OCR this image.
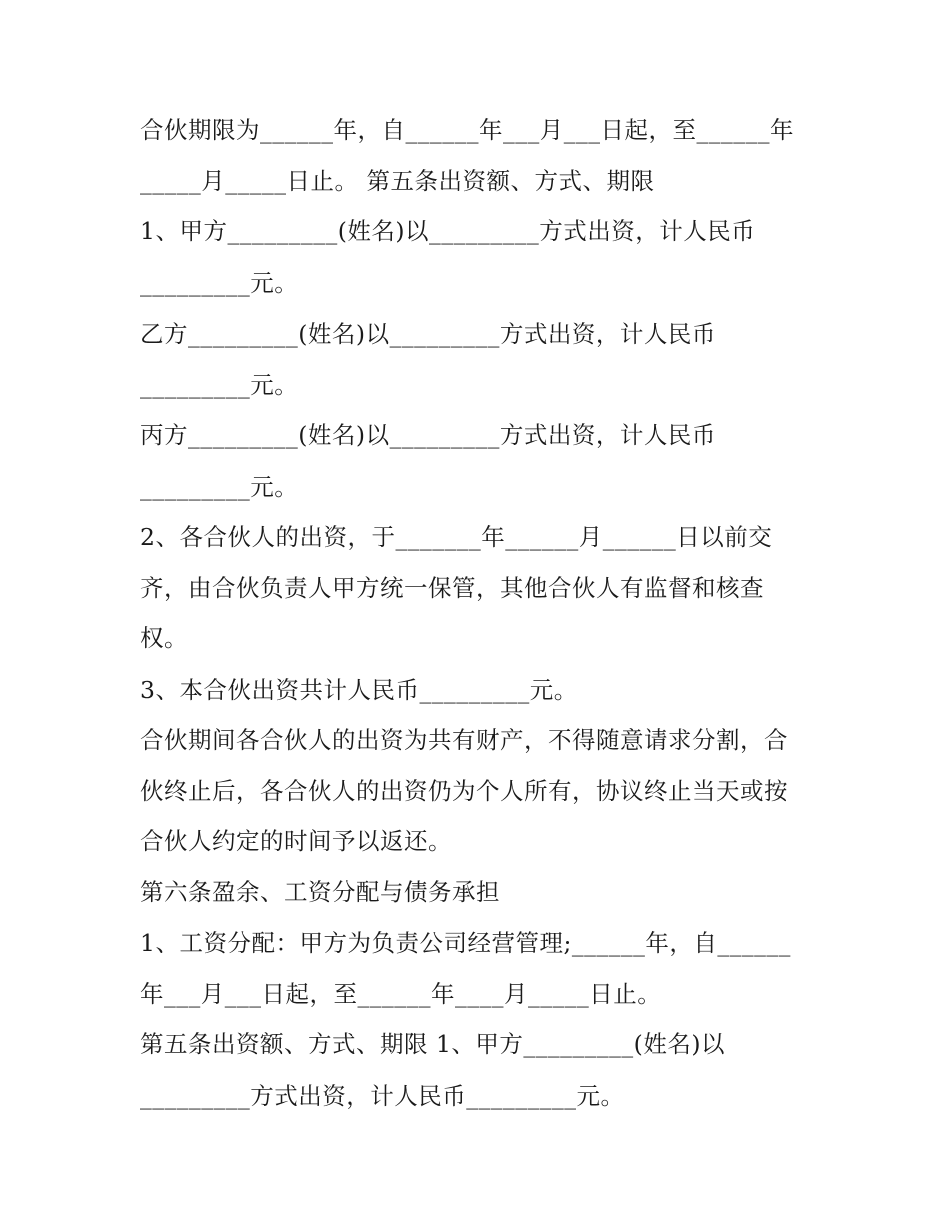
合伙期限为______年，自______年___月___日起，至______年
_____月_____日止。 第五条出资额、方式、期限
1、甲方_________(姓名)以_________方式出资，计人民币
_________元。
乙方_________(姓名)以_________方式出资，计人民币
_________元。
丙方_________(姓名)以_________方式出资，计人民币
_________元。
2、各合伙人的出资，于_______年______月______日以前交
齐，由合伙负责人甲方统一保管，其他合伙人有监督和核查
权。
3、本合伙出资共计人民币_________元。
合伙期间各合伙人的出资为共有财产，不得随意请求分割，合
伙终止后，各合伙人的出资仍为个人所有，协议终止当天或按
合伙人约定的时间予以返还。
第六条盈余、工资分配与债务承担
1、工资分配：甲方为负责公司经营管理;______年，自______
年___月___日起，至______年____月_____日止。
第五条出资额、方式、期限 1、甲方_________(姓名)以
_________方式出资，计人民币_________元。
